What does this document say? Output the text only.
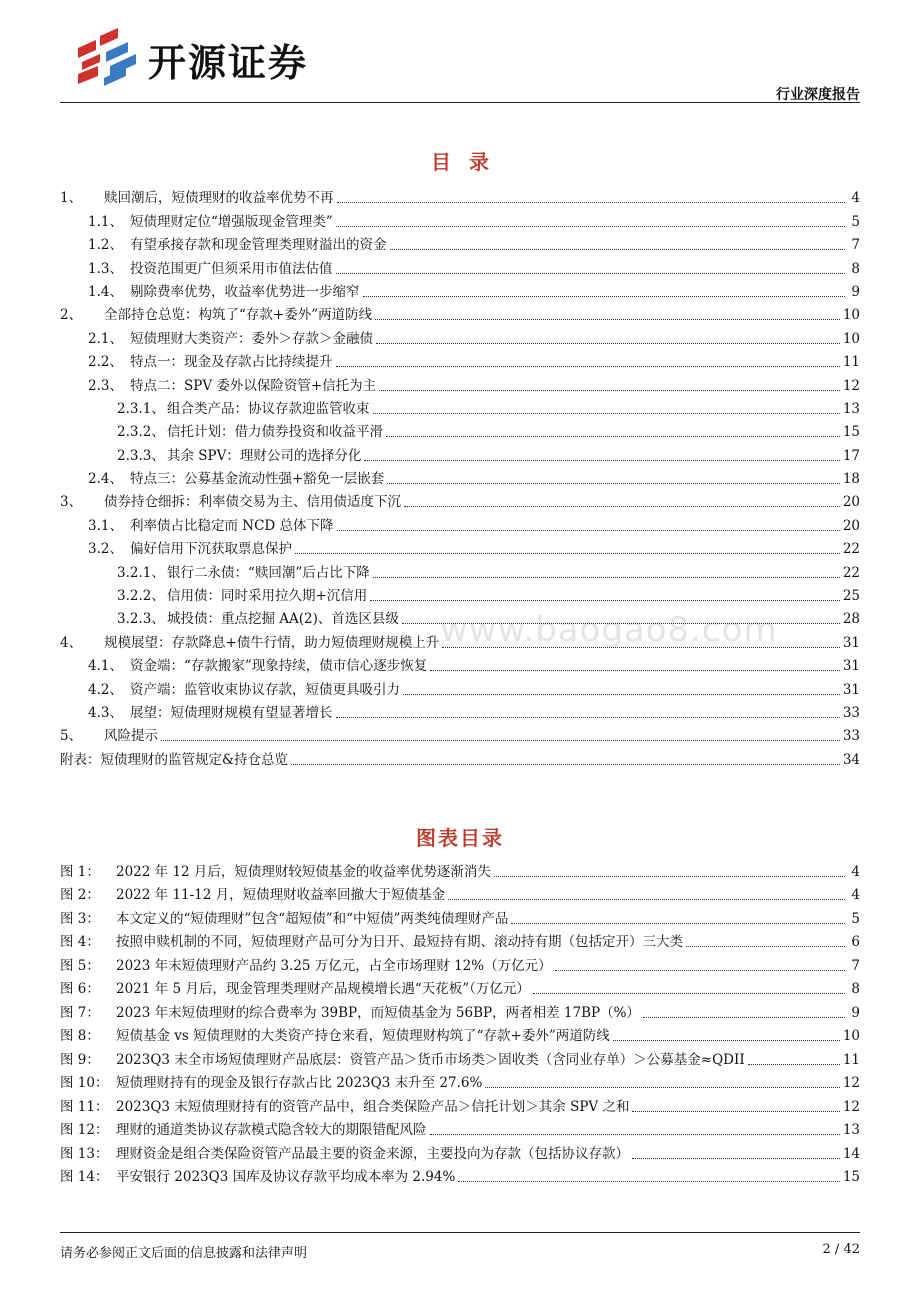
开源证券
行业深度报告
www.baogao8.com
目录
1、 赎回潮后，短债理财的收益率优势不再	4
1.1、 短债理财定位“增强版现金管理类”	5
1.2、 有望承接存款和现金管理类理财溢出的资金	7
1.3、 投资范围更广但须采用市值法估值	8
1.4、 剔除费率优势，收益率优势进一步缩窄	9
2、 全部持仓总览：构筑了“存款+委外”两道防线	10
2.1、 短债理财大类资产：委外＞存款＞金融债	10
2.2、 特点一：现金及存款占比持续提升	11
2.3、 特点二：SPV 委外以保险资管+信托为主	12
2.3.1、 组合类产品：协议存款迎监管收束	13
2.3.2、 信托计划：借力债券投资和收益平滑	15
2.3.3、 其余 SPV：理财公司的选择分化	17
2.4、 特点三：公募基金流动性强+豁免一层嵌套	18
3、 债券持仓细拆：利率债交易为主、信用债适度下沉	20
3.1、 利率债占比稳定而 NCD 总体下降	20
3.2、 偏好信用下沉获取票息保护	22
3.2.1、 银行二永债：“赎回潮”后占比下降	22
3.2.2、 信用债：同时采用拉久期+沉信用	25
3.2.3、 城投债：重点挖掘 AA(2)、首选区县级	28
4、 规模展望：存款降息+债牛行情，助力短债理财规模上升	31
4.1、 资金端：“存款搬家”现象持续，债市信心逐步恢复	31
4.2、 资产端：监管收束协议存款，短债更具吸引力	31
4.3、 展望：短债理财规模有望显著增长	33
5、 风险提示	33
附表：短债理财的监管规定&持仓总览	34
图表目录
图 1： 2022 年 12 月后，短债理财较短债基金的收益率优势逐渐消失	4
图 2： 2022 年 11-12 月，短债理财收益率回撤大于短债基金	4
图 3： 本文定义的“短债理财”包含“超短债”和“中短债”两类纯债理财产品	5
图 4： 按照申赎机制的不同，短债理财产品可分为日开、最短持有期、滚动持有期（包括定开）三大类	6
图 5： 2023 年末短债理财产品约 3.25 万亿元，占全市场理财 12%（万亿元）	7
图 6： 2021 年 5 月后，现金管理类理财产品规模增长遇“天花板”（万亿元）	8
图 7： 2023 年末短债理财的综合费率为 39BP，而短债基金为 56BP，两者相差 17BP（%）	9
图 8： 短债基金 vs 短债理财的大类资产持仓来看，短债理财构筑了“存款+委外”两道防线	10
图 9： 2023Q3 末全市场短债理财产品底层：资管产品＞货币市场类＞固收类（含同业存单）＞公募基金≈QDII	11
图 10： 短债理财持有的现金及银行存款占比 2023Q3 末升至 27.6%	12
图 11： 2023Q3 末短债理财持有的资管产品中，组合类保险产品＞信托计划＞其余 SPV 之和	12
图 12： 理财的通道类协议存款模式隐含较大的期限错配风险	13
图 13： 理财资金是组合类保险资管产品最主要的资金来源，主要投向为存款（包括协议存款）	14
图 14： 平安银行 2023Q3 国库及协议存款平均成本率为 2.94%	15
请务必参阅正文后面的信息披露和法律声明	2 / 42
